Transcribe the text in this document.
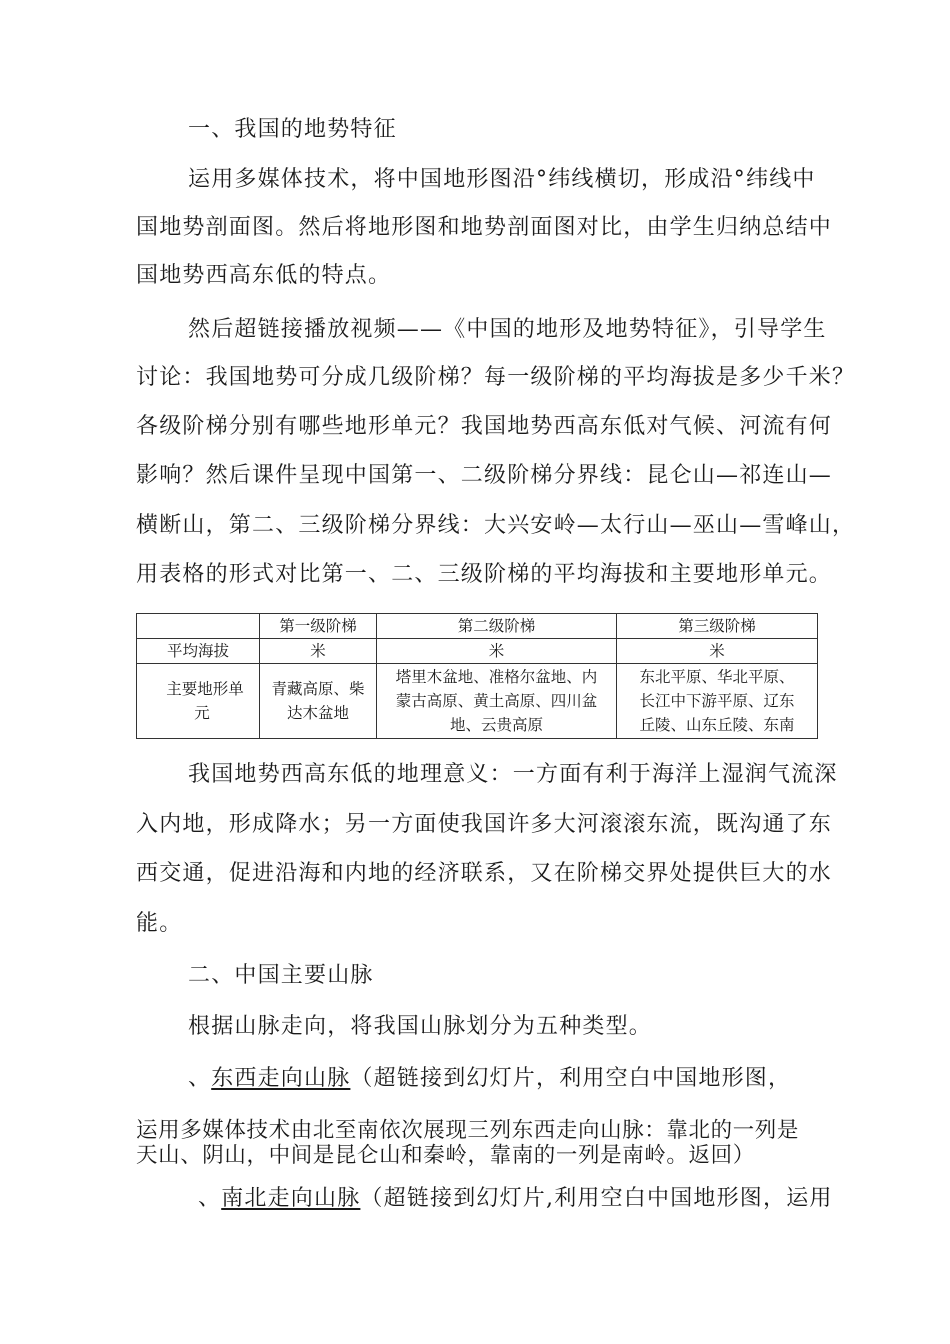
一、我国的地势特征
运用多媒体技术，将中国地形图沿°纬线横切，形成沿°纬线中
国地势剖面图。然后将地形图和地势剖面图对比，由学生归纳总结中
国地势西高东低的特点。
然后超链接播放视频——《中国的地形及地势特征》，引导学生
讨论：我国地势可分成几级阶梯？每一级阶梯的平均海拔是多少千米？
各级阶梯分别有哪些地形单元？我国地势西高东低对气候、河流有何
影响？然后课件呈现中国第一、二级阶梯分界线：昆仑山—祁连山—
横断山，第二、三级阶梯分界线：大兴安岭—太行山—巫山—雪峰山，
用表格的形式对比第一、二、三级阶梯的平均海拔和主要地形单元。
	第一级阶梯	第二级阶梯	第三级阶梯
平均海拔	米	米	米

主要地形单
元	青藏高原、柴
达木盆地	塔里木盆地、准格尔盆地、内
蒙古高原、黄土高原、四川盆
地、云贵高原	东北平原、华北平原、
长江中下游平原、辽东
丘陵、山东丘陵、东南
我国地势西高东低的地理意义：一方面有利于海洋上湿润气流深
入内地，形成降水；另一方面使我国许多大河滚滚东流，既沟通了东
西交通，促进沿海和内地的经济联系，又在阶梯交界处提供巨大的水
能。
二、中国主要山脉
根据山脉走向，将我国山脉划分为五种类型。
、东西走向山脉（超链接到幻灯片，利用空白中国地形图，
运用多媒体技术由北至南依次展现三列东西走向山脉：靠北的一列是
天山、阴山，中间是昆仑山和秦岭，靠南的一列是南岭。返回）
、南北走向山脉（超链接到幻灯片,利用空白中国地形图，运用
